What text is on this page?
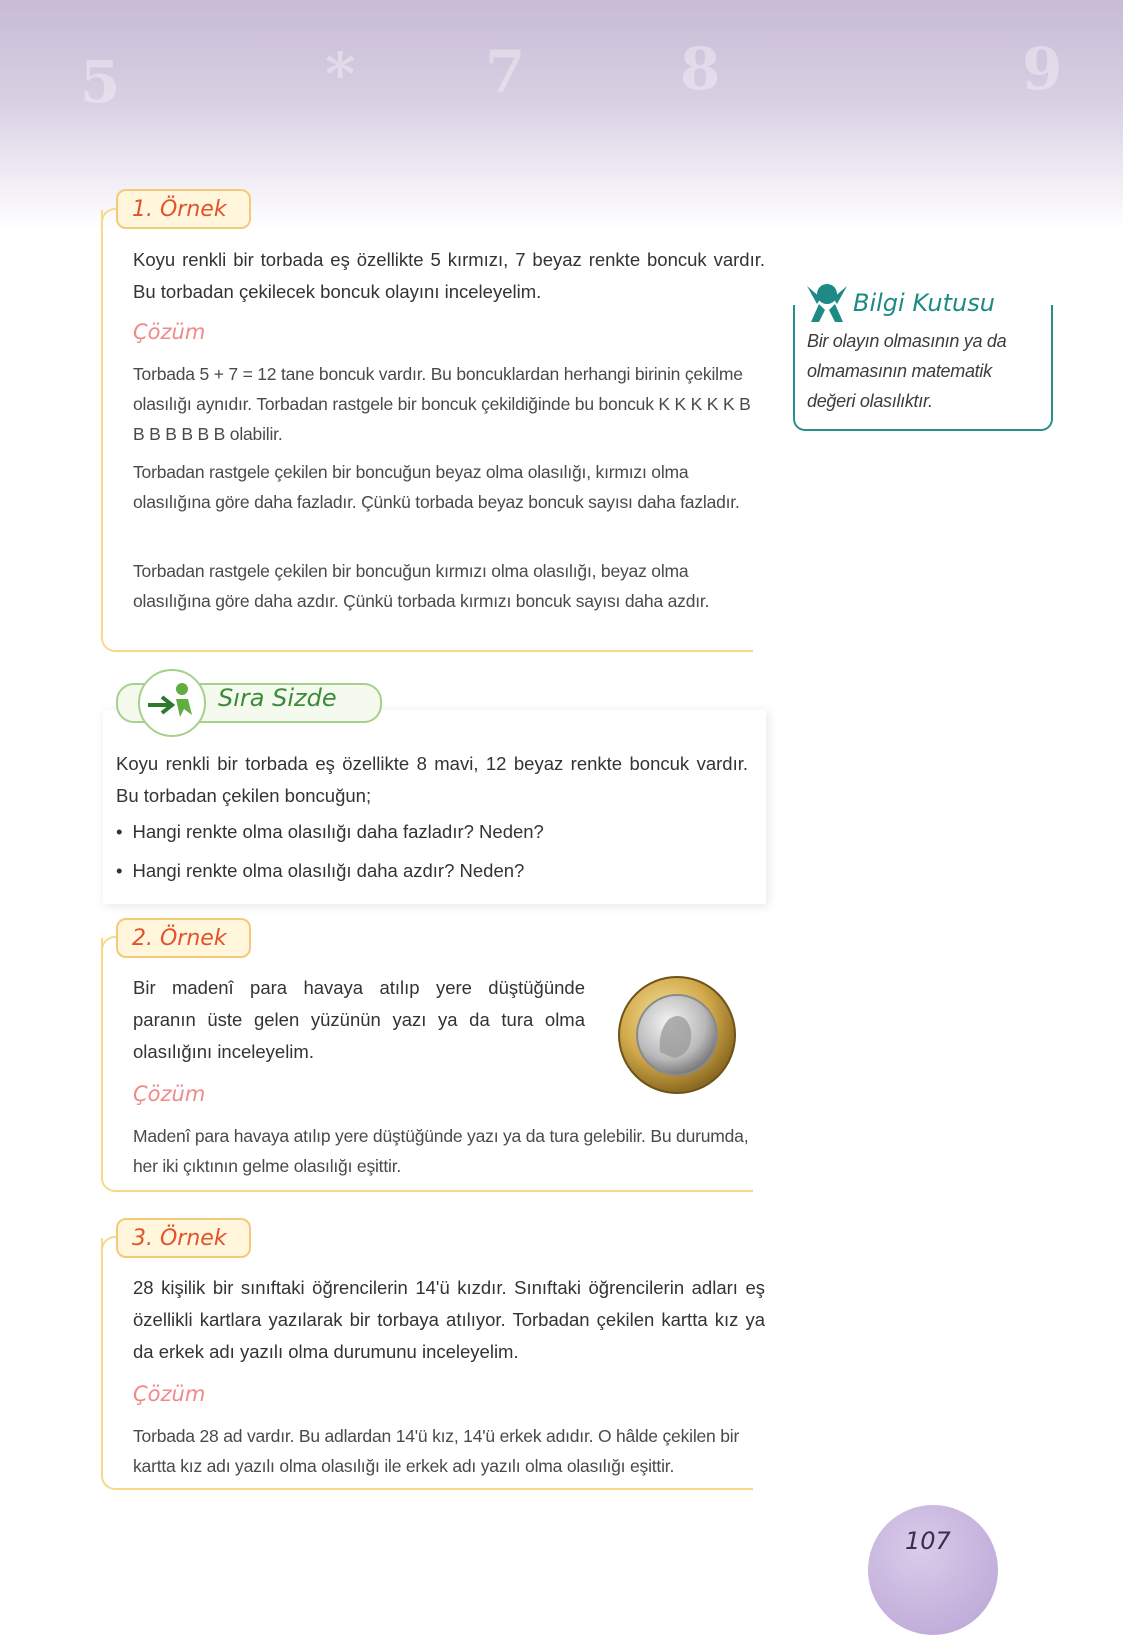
5	* 7	8	9
1. Örnek
Koyu renkli bir torbada eş özellikte 5 kırmızı, 7 beyaz renkte boncuk vardır. Bu torbadan çekilecek boncuk olayını inceleyelim.
Çözüm
Torbada 5 + 7 = 12 tane boncuk vardır. Bu boncuklardan herhangi birinin çekilme olasılığı aynıdır. Torbadan rastgele bir boncuk çekildiğinde bu boncuk K K K K K B B B B B B B olabilir.
Torbadan rastgele çekilen bir boncuğun beyaz olma olasılığı, kırmızı olma olasılığına göre daha fazladır. Çünkü torbada beyaz boncuk sayısı daha fazladır.
Torbadan rastgele çekilen bir boncuğun kırmızı olma olasılığı, beyaz olma olasılığına göre daha azdır. Çünkü torbada kırmızı boncuk sayısı daha azdır.
Bilgi Kutusu
Bir olayın olmasının ya da olmamasının matematik değeri olasılıktır.
Sıra Sizde
Koyu renkli bir torbada eş özellikte 8 mavi, 12 beyaz renkte boncuk vardır. Bu torbadan çekilen boncuğun;
• Hangi renkte olma olasılığı daha fazladır? Neden?
• Hangi renkte olma olasılığı daha azdır? Neden?
2. Örnek
Bir madenî para havaya atılıp yere düştüğünde paranın üste gelen yüzünün yazı ya da tura olma olasılığını inceleyelim.
Çözüm
Madenî para havaya atılıp yere düştüğünde yazı ya da tura gelebilir. Bu durumda, her iki çıktının gelme olasılığı eşittir.
3. Örnek
28 kişilik bir sınıftaki öğrencilerin 14'ü kızdır. Sınıftaki öğrencilerin adları eş özellikli kartlara yazılarak bir torbaya atılıyor. Torbadan çekilen kartta kız ya da erkek adı yazılı olma durumunu inceleyelim.
Çözüm
Torbada 28 ad vardır. Bu adlardan 14'ü kız, 14'ü erkek adıdır. O hâlde çekilen bir kartta kız adı yazılı olma olasılığı ile erkek adı yazılı olma olasılığı eşittir.
107
